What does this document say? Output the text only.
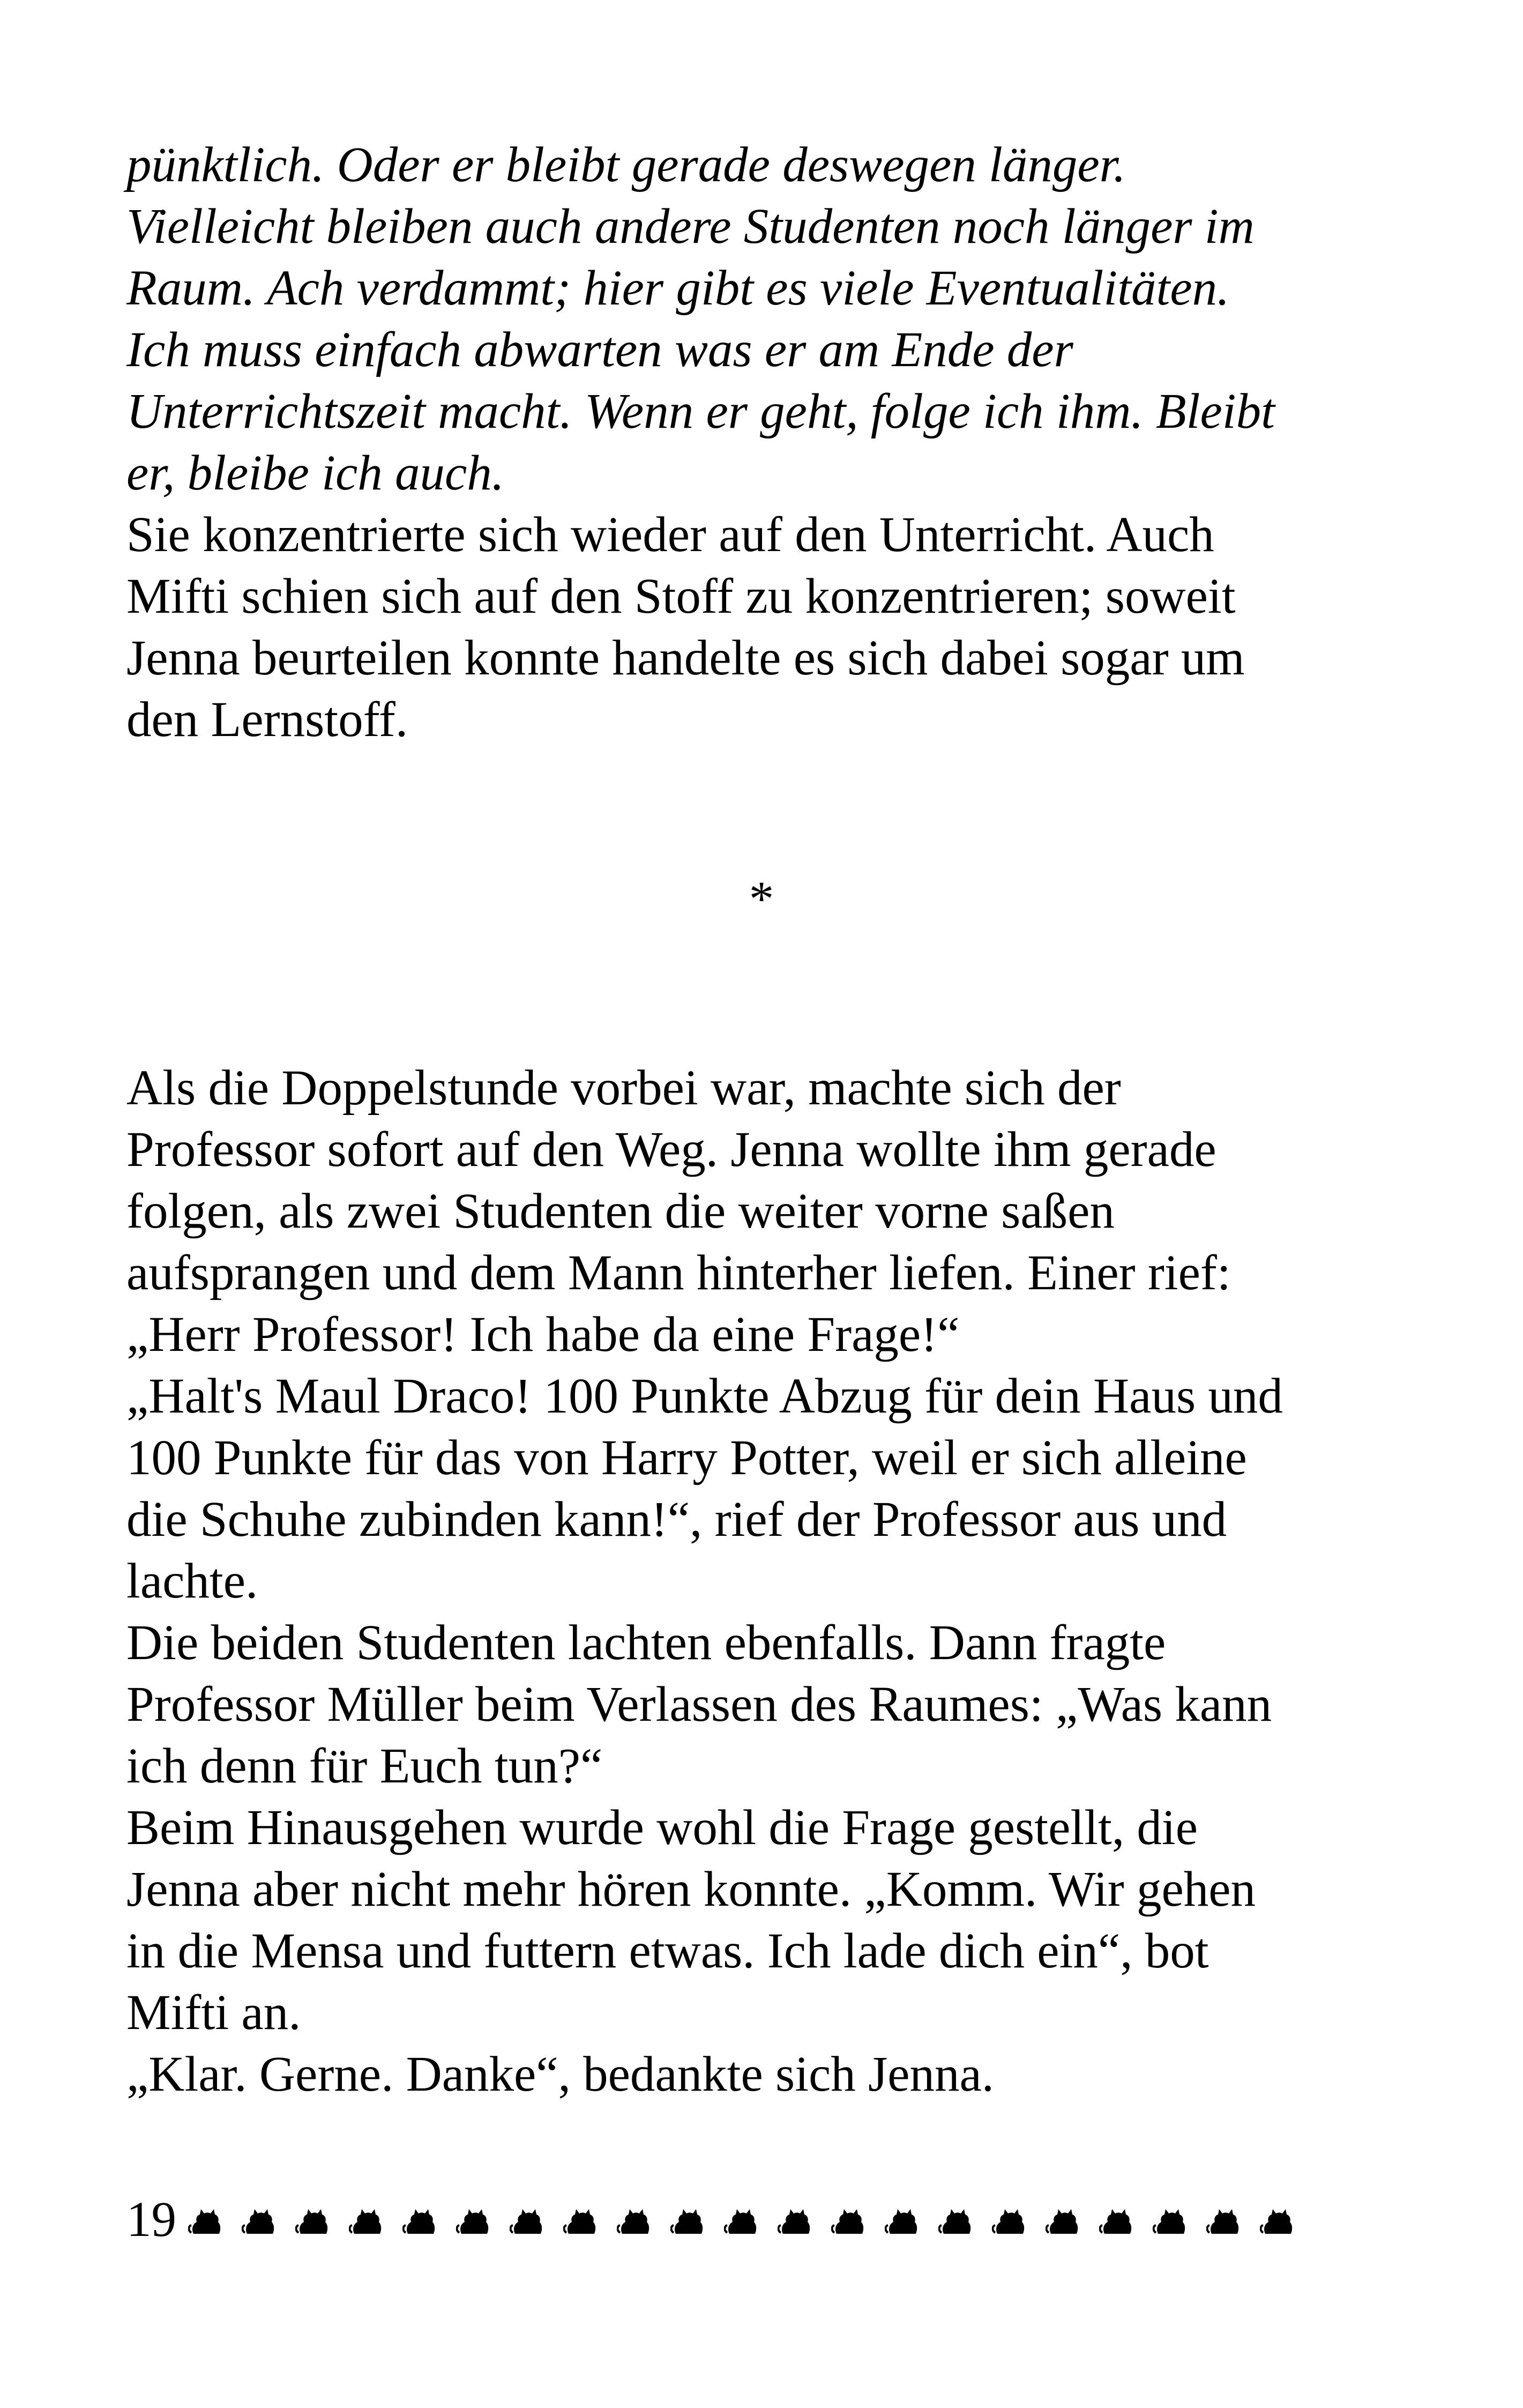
pünktlich. Oder er bleibt gerade deswegen länger.
Vielleicht bleiben auch andere Studenten noch länger im
Raum. Ach verdammt; hier gibt es viele Eventualitäten.
Ich muss einfach abwarten was er am Ende der
Unterrichtszeit macht. Wenn er geht, folge ich ihm. Bleibt
er, bleibe ich auch.

Sie konzentrierte sich wieder auf den Unterricht. Auch
Mifti schien sich auf den Stoff zu konzentrieren; soweit
Jenna beurteilen konnte handelte es sich dabei sogar um
den Lernstoff.

*

Als die Doppelstunde vorbei war, machte sich der
Professor sofort auf den Weg. Jenna wollte ihm gerade
folgen, als zwei Studenten die weiter vorne saßen
aufsprangen und dem Mann hinterher liefen. Einer rief:
„Herr Professor! Ich habe da eine Frage!“
„Halt's Maul Draco! 100 Punkte Abzug für dein Haus und
100 Punkte für das von Harry Potter, weil er sich alleine
die Schuhe zubinden kann!“, rief der Professor aus und
lachte.
Die beiden Studenten lachten ebenfalls. Dann fragte
Professor Müller beim Verlassen des Raumes: „Was kann
ich denn für Euch tun?“
Beim Hinausgehen wurde wohl die Frage gestellt, die
Jenna aber nicht mehr hören konnte. „Komm. Wir gehen
in die Mensa und futtern etwas. Ich lade dich ein“, bot
Mifti an.
„Klar. Gerne. Danke“, bedankte sich Jenna.

19
